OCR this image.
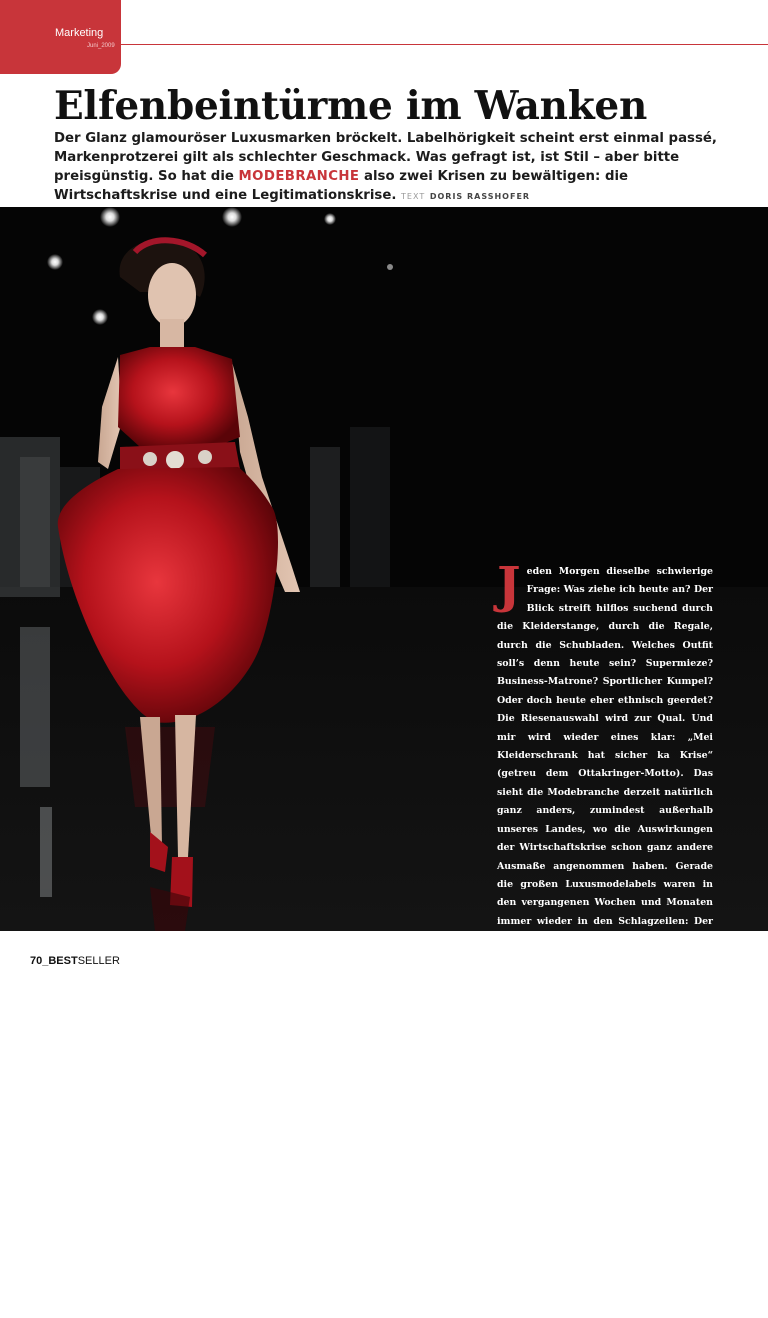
Marketing
Juni_2009
Elfenbeintürme im Wanken

Der Glanz glamouröser Luxusmarken bröckelt. Labelhörigkeit scheint erst einmal passé, Markenprotzerei gilt als schlechter Geschmack. Was gefragt ist, ist Stil – aber bitte preisgünstig. So hat die MODEBRANCHE also zwei Krisen zu bewältigen: die Wirtschaftskrise und eine Legitimationskrise. TEXT DORIS RASSHOFER

Jeden Morgen dieselbe schwierige Frage: Was ziehe ich heute an? Der Blick streift hilflos suchend durch die Kleiderstange, durch die Regale, durch die Schubladen. Welches Outfit soll’s denn heute sein? Supermieze? Business-Matrone? Sportlicher Kumpel? Oder doch heute eher ethnisch geerdet? Die Riesenauswahl wird zur Qual. Und mir wird wieder eines klar: „Mei Kleiderschrank hat sicher ka Krise“ (getreu dem Ottakringer-Motto). Das sieht die Modebranche derzeit natürlich ganz anders, zumindest außerhalb unseres Landes, wo die Auswirkungen der Wirtschaftskrise schon ganz andere Ausmaße angenommen haben. Gerade die großen Luxusmodelabels waren in den vergangenen Wochen und Monaten immer wieder in den Schlagzeilen: Der deutsche Luxuskonzern Escada kämpft ums Überleben, die Pariser Haut-Couture-Marke Lacroix ist pleite, Chanel hat im Frühjahr 200 Mitarbeiter entlassen und auch die italienische IT-Holding (Roberto Cavalli, Gianfranco Ferré) hat den Insolvenzberater im Haus. „Ist den Reichen die Kohle ausgegangen?“, wird sich so manch Beobachter fragen. Und in der Tat. Die bisher erfolgsverwöhnte und als krisenresistent geltende Luxusbranche muss derzeit gewaltig Federn lassen. Laut Boston Consulting Group ist dieser Markt im ersten Quartal dieses Jahres in den USA um fünfzehn Prozent eingebrochen und in Europa und Japan jeweils um zehn Prozent – zur Verdeutlichung: In diesen drei Regionen werden drei Viertel aller Luxusgüter weltweit verkauft. Für 2009 prog-

70_BESTSELLER
